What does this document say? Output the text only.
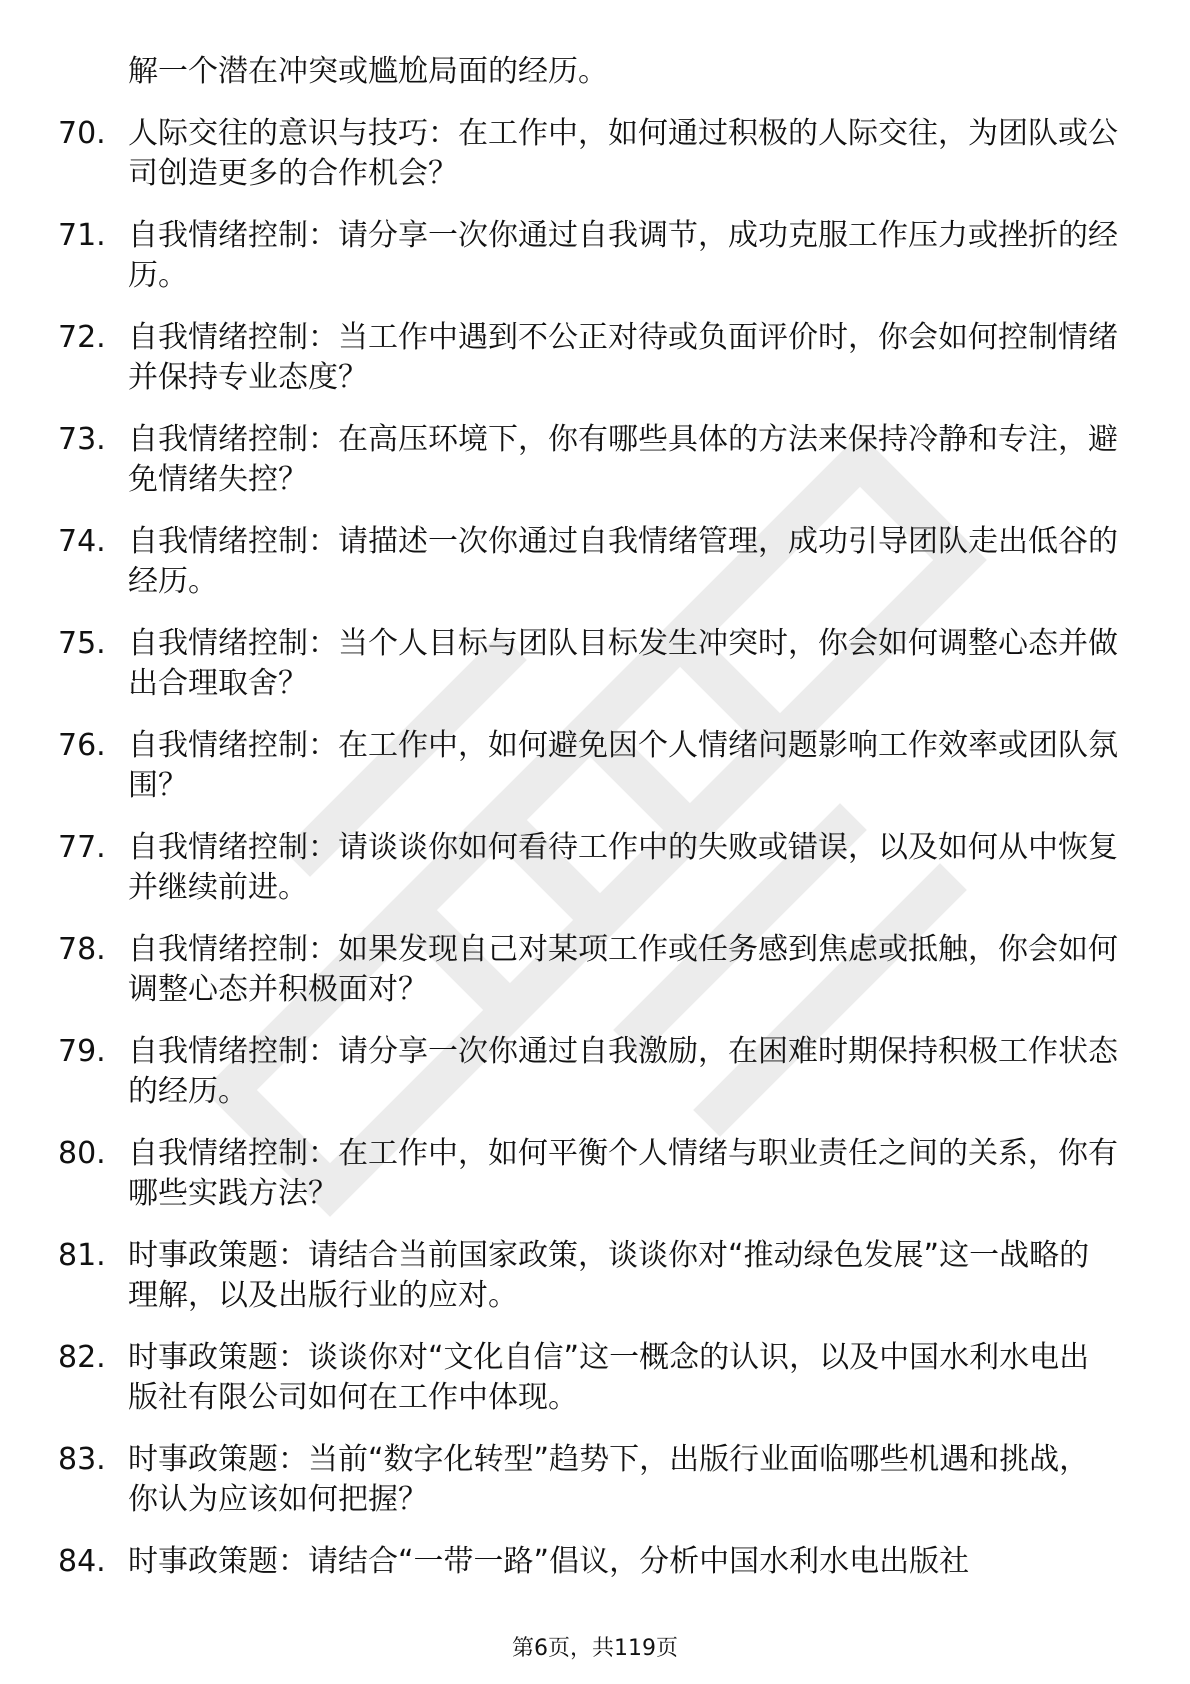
解一个潜在冲突或尴尬局面的经历。
70. 人际交往的意识与技巧：在工作中，如何通过积极的人际交往，为团队或公司创造更多的合作机会？
71. 自我情绪控制：请分享一次你通过自我调节，成功克服工作压力或挫折的经历。
72. 自我情绪控制：当工作中遇到不公正对待或负面评价时，你会如何控制情绪并保持专业态度？
73. 自我情绪控制：在高压环境下，你有哪些具体的方法来保持冷静和专注，避免情绪失控？
74. 自我情绪控制：请描述一次你通过自我情绪管理，成功引导团队走出低谷的经历。
75. 自我情绪控制：当个人目标与团队目标发生冲突时，你会如何调整心态并做出合理取舍？
76. 自我情绪控制：在工作中，如何避免因个人情绪问题影响工作效率或团队氛围？
77. 自我情绪控制：请谈谈你如何看待工作中的失败或错误，以及如何从中恢复并继续前进。
78. 自我情绪控制：如果发现自己对某项工作或任务感到焦虑或抵触，你会如何调整心态并积极面对？
79. 自我情绪控制：请分享一次你通过自我激励，在困难时期保持积极工作状态的经历。
80. 自我情绪控制：在工作中，如何平衡个人情绪与职业责任之间的关系，你有哪些实践方法？
81. 时事政策题：请结合当前国家政策，谈谈你对“推动绿色发展”这一战略的理解，以及出版行业的应对。
82. 时事政策题：谈谈你对“文化自信”这一概念的认识，以及中国水利水电出版社有限公司如何在工作中体现。
83. 时事政策题：当前“数字化转型”趋势下，出版行业面临哪些机遇和挑战，你认为应该如何把握？
84. 时事政策题：请结合“一带一路”倡议，分析中国水利水电出版社
第6页，共119页
